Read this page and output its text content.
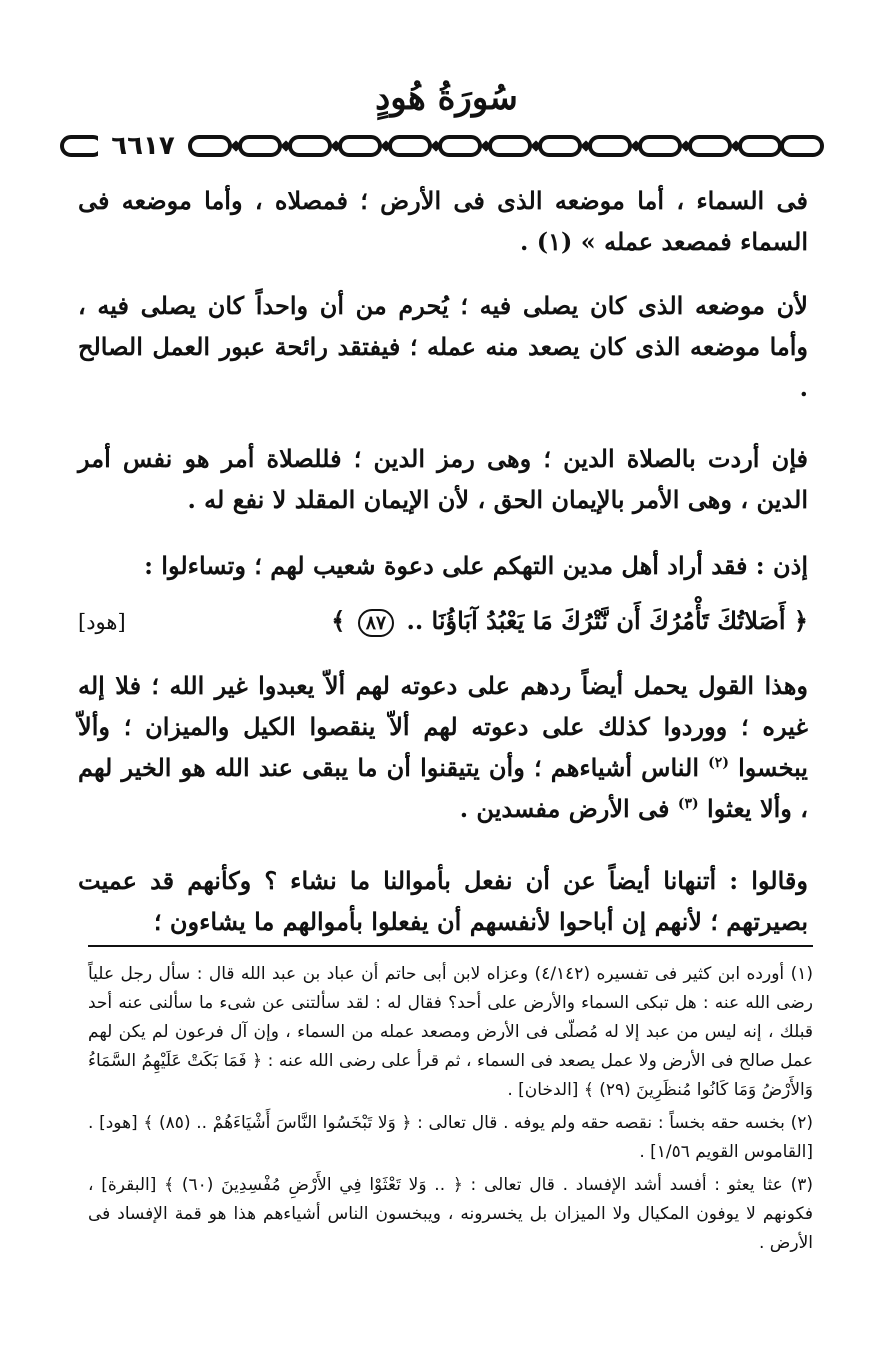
سُورَةُ هُودٍ
٦٦١٧
فى السماء ، أما موضعه الذى فى الأرض ؛ فمصلاه ، وأما موضعه فى السماء فمصعد عمله » (١) .
لأن موضعه الذى كان يصلى فيه ؛ يُحرم من أن واحداً كان يصلى فيه ، وأما موضعه الذى كان يصعد منه عمله ؛ فيفتقد رائحة عبور العمل الصالح .
فإن أردت بالصلاة الدين ؛ وهى رمز الدين ؛ فللصلاة أمر هو نفس أمر الدين ، وهى الأمر بالإيمان الحق ، لأن الإيمان المقلد لا نفع له .
إذن : فقد أراد أهل مدين التهكم على دعوة شعيب لهم ؛ وتساءلوا :
﴿ أَصَلاتُكَ تَأْمُرُكَ أَن نَّتْرُكَ مَا يَعْبُدُ آبَاؤُنَا .. ٨٧ ﴾
[هود]
وهذا القول يحمل أيضاً ردهم على دعوته لهم ألاّ يعبدوا غير الله ؛ فلا إله غيره ؛ ووردوا كذلك على دعوته لهم ألاّ ينقصوا الكيل والميزان ؛ وألاّ يبخسوا $^{(٢)}$ الناس أشياءهم ؛ وأن يتيقنوا أن ما يبقى عند الله هو الخير لهم ، وألا يعثوا $^{(٣)}$ فى الأرض مفسدين .
وقالوا : أتنهانا أيضاً عن أن نفعل بأموالنا ما نشاء ؟ وكأنهم قد عميت بصيرتهم ؛ لأنهم إن أباحوا لأنفسهم أن يفعلوا بأموالهم ما يشاءون ؛

(١) أورده ابن كثير فى تفسيره (٤/١٤٢) وعزاه لابن أبى حاتم أن عباد بن عبد الله قال : سأل رجل علياً رضى الله عنه : هل تبكى السماء والأرض على أحد؟ فقال له : لقد سألتنى عن شىء ما سألنى عنه أحد قبلك ، إنه ليس من عبد إلا له مُصلّى فى الأرض ومصعد عمله من السماء ، وإن آل فرعون لم يكن لهم عمل صالح فى الأرض ولا عمل يصعد فى السماء ، ثم قرأ على رضى الله عنه : ﴿ فَمَا بَكَتْ عَلَيْهِمُ السَّمَاءُ وَالأَرْضُ وَمَا كَانُوا مُنظَرِينَ (٢٩) ﴾ [الدخان] .

(٢) بخسه حقه بخساً : نقصه حقه ولم يوفه . قال تعالى : ﴿ وَلا تَبْخَسُوا النَّاسَ أَشْيَاءَهُمْ .. (٨٥) ﴾ [هود] . [القاموس القويم ١/٥٦] .

(٣) عثا يعثو : أفسد أشد الإفساد . قال تعالى : ﴿ .. وَلا تَعْثَوْا فِي الأَرْضِ مُفْسِدِينَ (٦٠) ﴾ [البقرة] ، فكونهم لا يوفون المكيال ولا الميزان بل يخسرونه ، ويبخسون الناس أشياءهم هذا هو قمة الإفساد فى الأرض .
